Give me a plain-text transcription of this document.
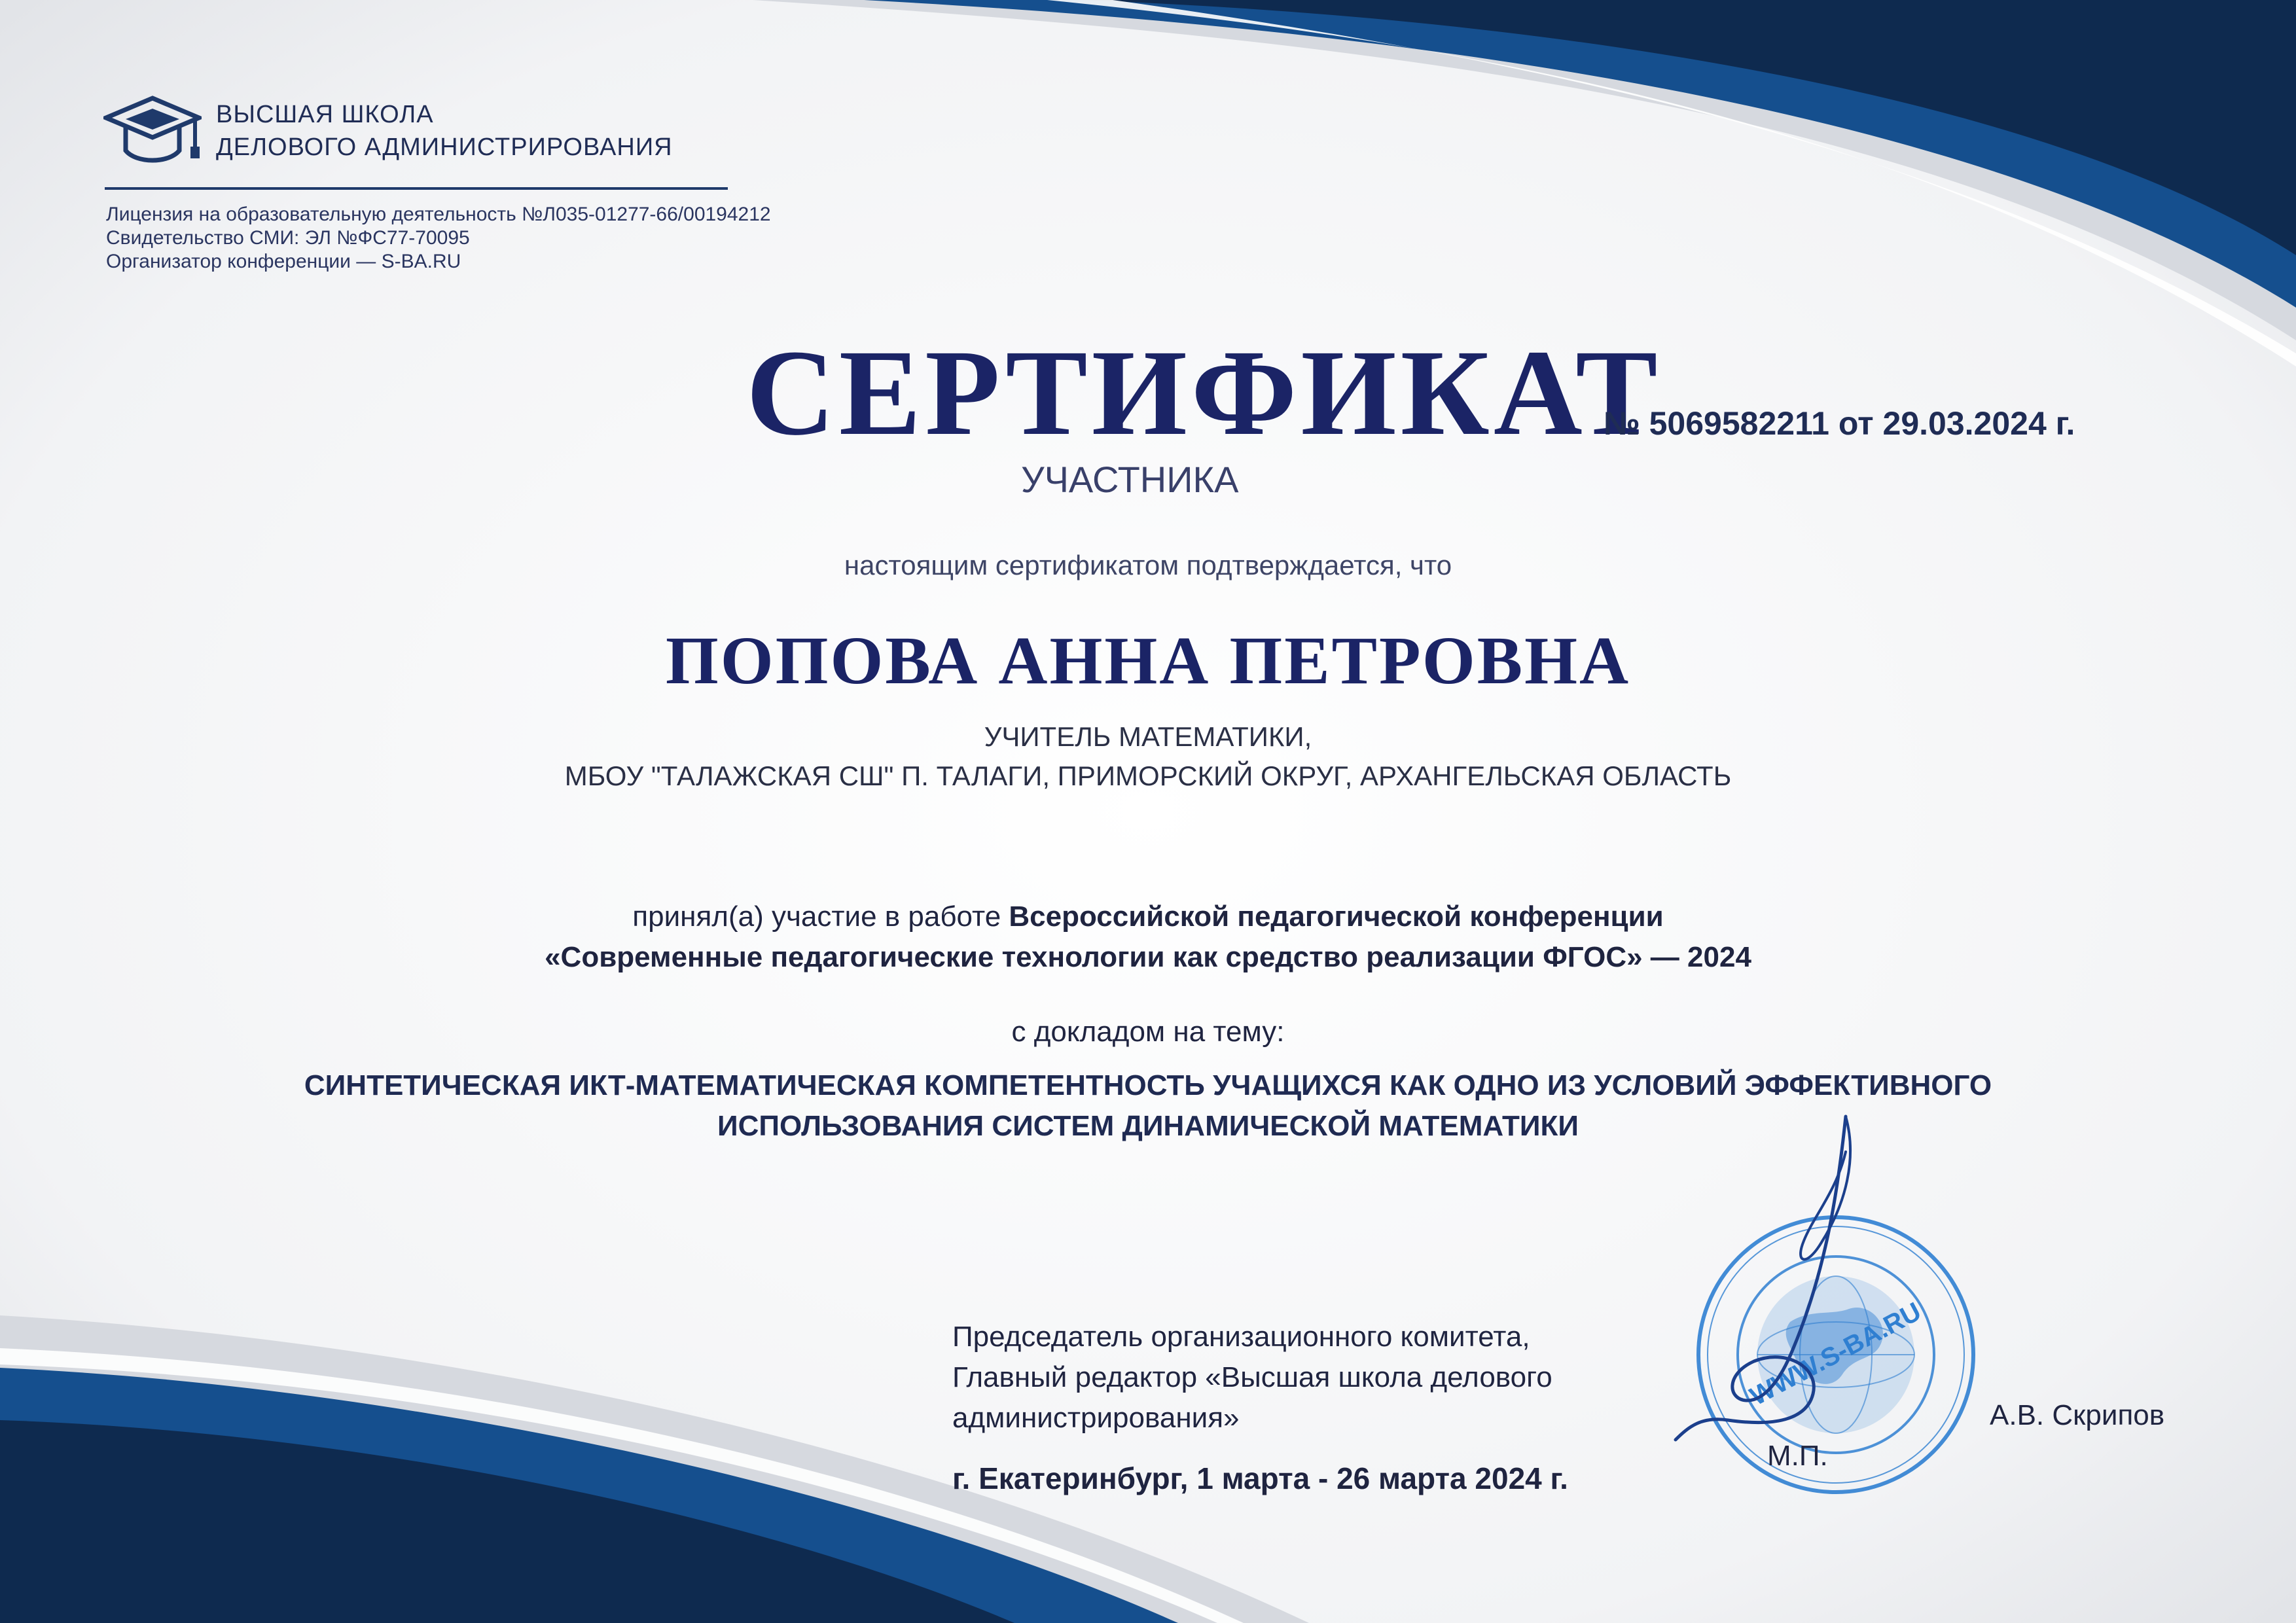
ВЫСШАЯ ШКОЛА
ДЕЛОВОГО АДМИНИСТРИРОВАНИЯ
Лицензия на образовательную деятельность №Л035-01277-66/00194212
Свидетельство СМИ: ЭЛ №ФС77-70095
Организатор конференции — S-BA.RU
СЕРТИФИКАТ
№ 5069582211 от 29.03.2024 г.
УЧАСТНИКА
настоящим сертификатом подтверждается, что
ПОПОВА АННА ПЕТРОВНА
УЧИТЕЛЬ МАТЕМАТИКИ,
МБОУ "ТАЛАЖСКАЯ СШ" П. ТАЛАГИ, ПРИМОРСКИЙ ОКРУГ, АРХАНГЕЛЬСКАЯ ОБЛАСТЬ
принял(а) участие в работе Всероссийской педагогической конференции
«Современные педагогические технологии как средство реализации ФГОС» — 2024
с докладом на тему:
СИНТЕТИЧЕСКАЯ ИКТ-МАТЕМАТИЧЕСКАЯ КОМПЕТЕНТНОСТЬ УЧАЩИХСЯ КАК ОДНО ИЗ УСЛОВИЙ ЭФФЕКТИВНОГО
ИСПОЛЬЗОВАНИЯ СИСТЕМ ДИНАМИЧЕСКОЙ МАТЕМАТИКИ
Председатель организационного комитета,
Главный редактор «Высшая школа делового
администрирования»
г. Екатеринбург, 1 марта - 26 марта 2024 г.
WWW.S-BA.RU
М.П.
А.В. Скрипов
